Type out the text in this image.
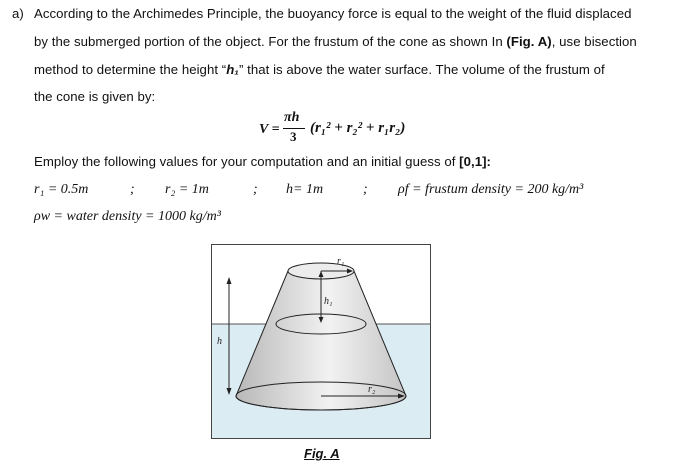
a) According to the Archimedes Principle, the buoyancy force is equal to the weight of the fluid displaced
by the submerged portion of the object. For the frustum of the cone as shown In (Fig. A), use bisection
method to determine the height “h₁” that is above the water surface. The volume of the frustum of
the cone is given by:
V =
πh
3
(r₁² + r₂² + r₁r₂)
Employ the following values for your computation and an initial guess of [0,1]:
r₁ = 0.5m	; r₂ = 1m	; h= 1m	; ρf = frustum density = 200 kg/m³
ρw = water density = 1000 kg/m³
r₁
h₁
h
r₂
Fig. A
